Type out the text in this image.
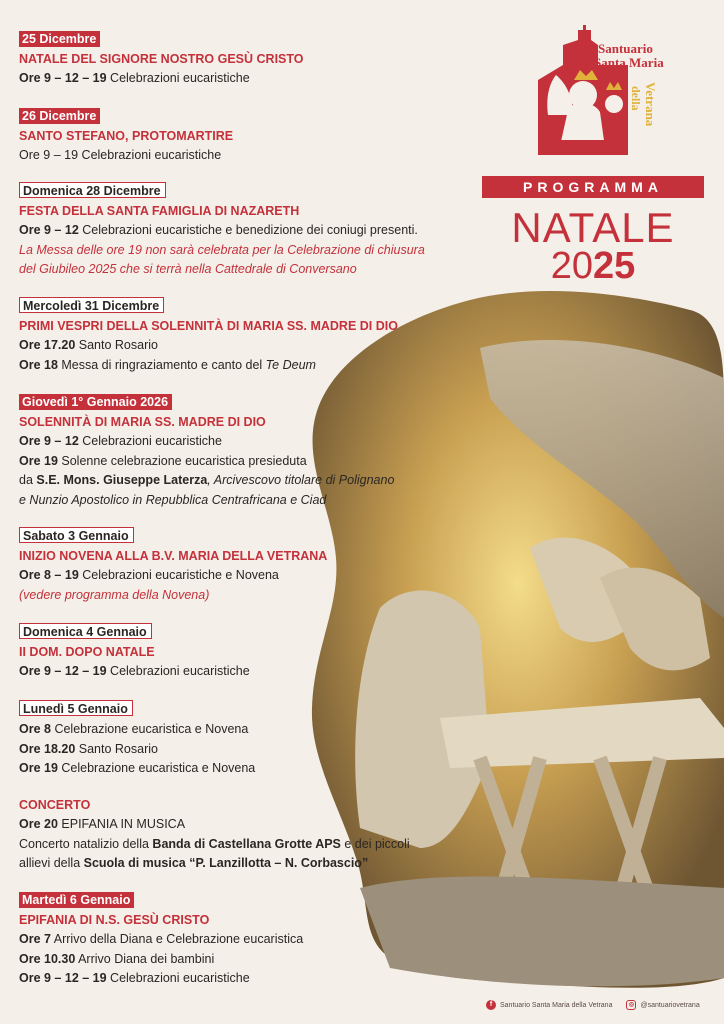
Santuario
Santa Maria
della Vetrana
PROGRAMMA
NATALE
2025
25 Dicembre
NATALE DEL SIGNORE NOSTRO GESÙ CRISTO
Ore 9 – 12 – 19 Celebrazioni eucaristiche
26 Dicembre
SANTO STEFANO, PROTOMARTIRE
Ore 9 – 19 Celebrazioni eucaristiche
Domenica 28 Dicembre
FESTA DELLA SANTA FAMIGLIA DI NAZARETH
Ore 9 – 12 Celebrazioni eucaristiche e benedizione dei coniugi presenti.
La Messa delle ore 19 non sarà celebrata per la Celebrazione di chiusura
del Giubileo 2025 che si terrà nella Cattedrale di Conversano
Mercoledì 31 Dicembre
PRIMI VESPRI DELLA SOLENNITÀ DI MARIA SS. MADRE DI DIO
Ore 17.20 Santo Rosario
Ore 18 Messa di ringraziamento e canto del Te Deum
Giovedì 1° Gennaio 2026
SOLENNITÀ DI MARIA SS. MADRE DI DIO
Ore 9 – 12 Celebrazioni eucaristiche
Ore 19 Solenne celebrazione eucaristica presieduta
da S.E. Mons. Giuseppe Laterza, Arcivescovo titolare di Polignano
e Nunzio Apostolico in Repubblica Centrafricana e Ciad
Sabato 3 Gennaio
INIZIO NOVENA ALLA B.V. MARIA DELLA VETRANA
Ore 8 – 19 Celebrazioni eucaristiche e Novena
(vedere programma della Novena)
Domenica 4 Gennaio
II DOM. DOPO NATALE
Ore 9 – 12 – 19 Celebrazioni eucaristiche
Lunedì 5 Gennaio
Ore 8 Celebrazione eucaristica e Novena
Ore 18.20 Santo Rosario
Ore 19 Celebrazione eucaristica e Novena
CONCERTO
Ore 20 EPIFANIA IN MUSICA
Concerto natalizio della Banda di Castellana Grotte APS e dei piccoli
allievi della Scuola di musica “P. Lanzillotta – N. Corbascio”
Martedì 6 Gennaio
EPIFANIA DI N.S. GESÙ CRISTO
Ore 7 Arrivo della Diana e Celebrazione eucaristica
Ore 10.30 Arrivo Diana dei bambini
Ore 9 – 12 – 19 Celebrazioni eucaristiche
f	Santuario Santa Maria della Vetrana	◎ @santuariovetrana
